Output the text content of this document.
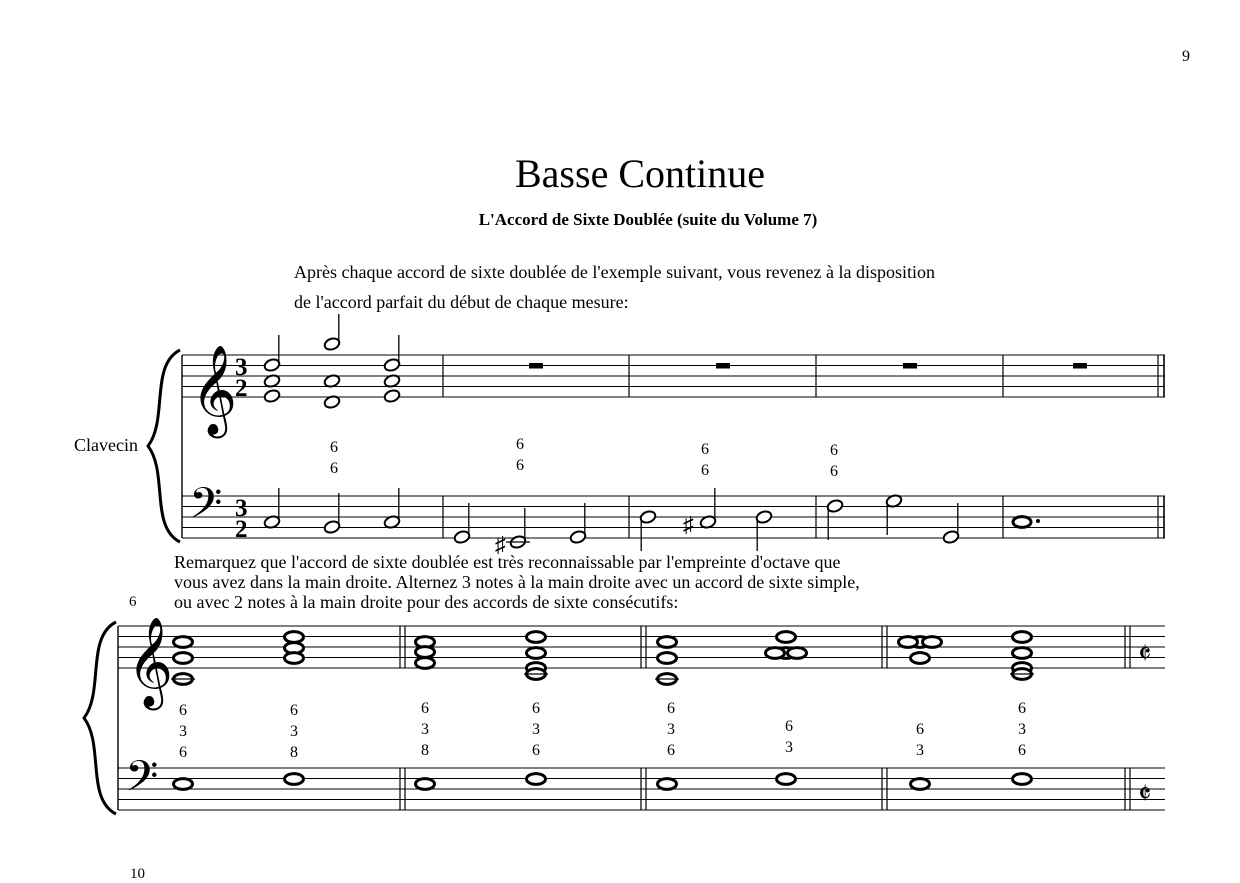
9
Basse Continue
L'Accord de Sixte Doublée (suite du Volume 7)
Après chaque accord de sixte doublée de l'exemple suivant, vous revenez à la disposition
de l'accord parfait du début de chaque mesure:
Clavecin
Remarquez que l'accord de sixte doublée est très reconnaissable par l'empreinte d'octave que
vous avez dans la main droite. Alternez 3 notes à la main droite avec un accord de sixte simple,
ou avec 2 notes à la main droite pour des accords de sixte consécutifs:
6
10
𝄞
𝄢
3
2
3
2
♯
♯
𝄞
𝄢
𝄵
𝄵
6
6
6
6
6
6
6
6
6
3
6
6
3
8
6
3
8
6
3
6
6
3
6
6
3
6
3
6
3
6
